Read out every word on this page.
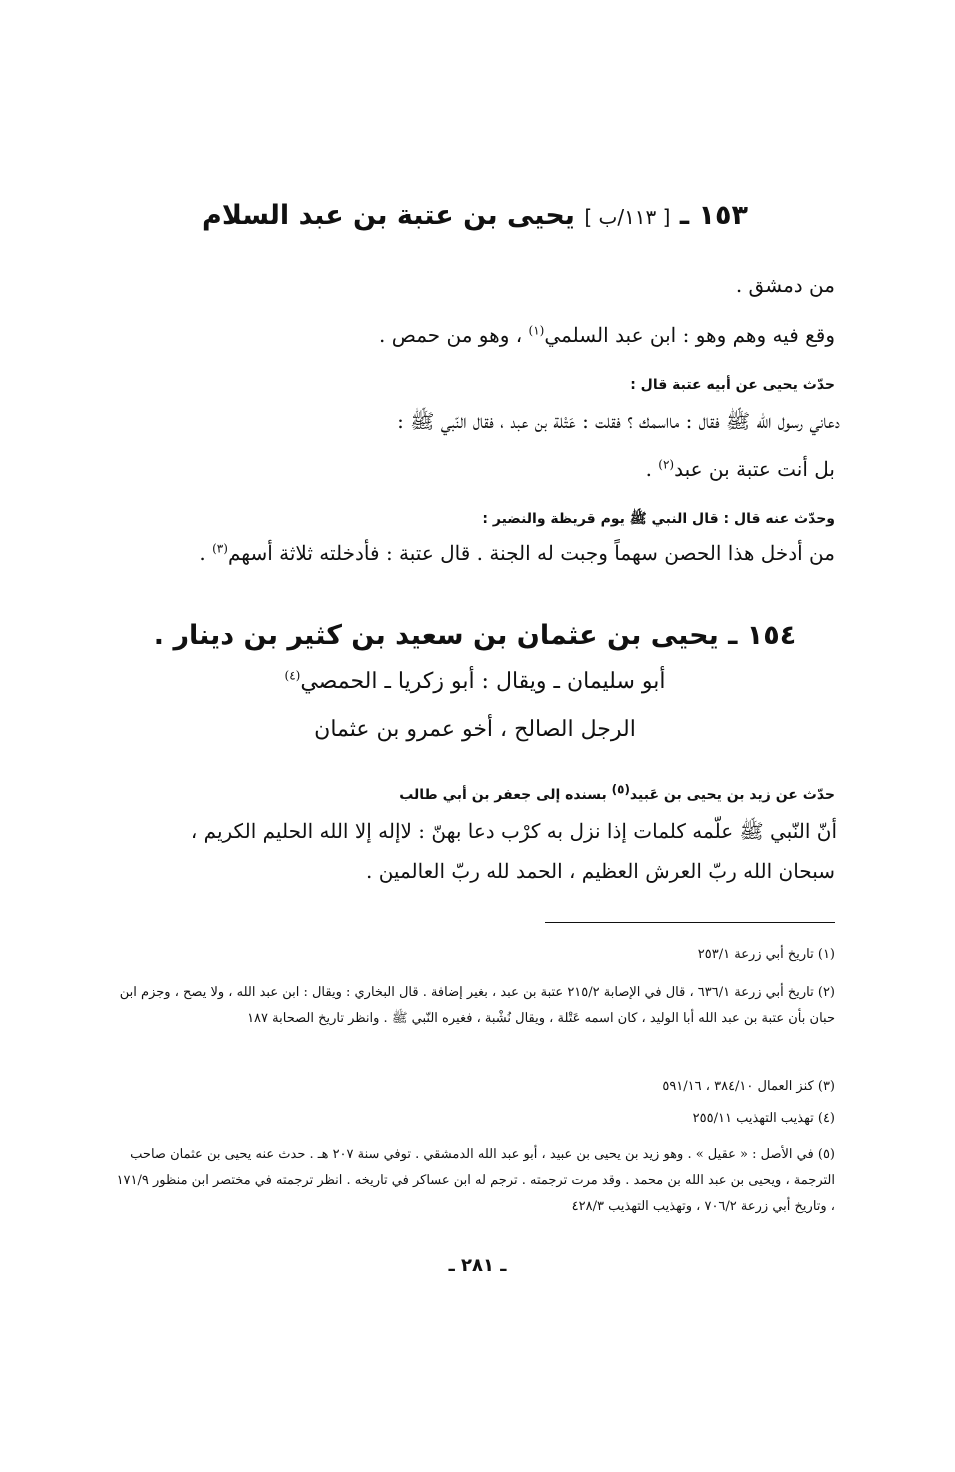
١٥٣ ـ [ ١١٣/ب ] يحيى بن عتبة بن عبد السلام
من دمشق .
وقع فيه وهم وهو : ابن عبد السلمي$^{(١)}$ ، وهو من حمص .
حدّث يحيى عن أبيه عتبة قال :
دعاني رسول الله ﷺ فقال : مااسمك ؟ فقلت : عَتْلة بن عبد ، فقال النّبي ﷺ :
بل أنت عتبة بن عبد$^{(٢)}$ .
وحدّث عنه قال : قال النبي ﷺ يوم قريظة والنضير :
من أدخل هذا الحصن سهماً وجبت له الجنة . قال عتبة : فأدخلته ثلاثة أسهم$^{(٣)}$ .
١٥٤ ـ يحيى بن عثمان بن سعيد بن كثير بن دينار .
أبو سليمان ـ ويقال : أبو زكريا ـ الحمصي$^{(٤)}$
الرجل الصالح ، أخو عمرو بن عثمان
حدّث عن زيد بن يحيى بن عَبيد$^{(٥)}$ بسنده إلى جعفر بن أبي طالب
أنّ النّبي ﷺ علّمه كلمات إذا نزل به كرْب دعا بهنّ : لاإله إلا الله الحليم الكريم ،
سبحان الله ربّ العرش العظيم ، الحمد لله ربّ العالمين .
(١) تاريخ أبي زرعة ٢٥٣/١
(٢) تاريخ أبي زرعة ٦٣٦/١ ، قال في الإصابة ٢١٥/٢ عتبة بن عبد ، بغير إضافة . قال البخاري : ويقال : ابن عبد الله ، ولا يصح ، وجزم ابن حبان بأن عتبة بن عبد الله أبا الوليد ، كان اسمه عَتْلة ، ويقال نُشْبة ، فغيره النّبي ﷺ . وانظر تاريخ الصحابة ١٨٧
(٣) كنز العمال ٣٨٤/١٠ ، ٥٩١/١٦
(٤) تهذيب التهذيب ٢٥٥/١١
(٥) في الأصل : « عقيل » . وهو زيد بن يحيى بن عبيد ، أبو عبد الله الدمشقي . توفي سنة ٢٠٧ هـ . حدث عنه يحيى بن عثمان صاحب الترجمة ، ويحيى بن عبد الله بن محمد . وقد مرت ترجمته . ترجم له ابن عساكر في تاريخه . انظر ترجمته في مختصر ابن منظور ١٧١/٩ ، وتاريخ أبي زرعة ٧٠٦/٢ ، وتهذيب التهذيب ٤٢٨/٣
ـ ٢٨١ ـ
